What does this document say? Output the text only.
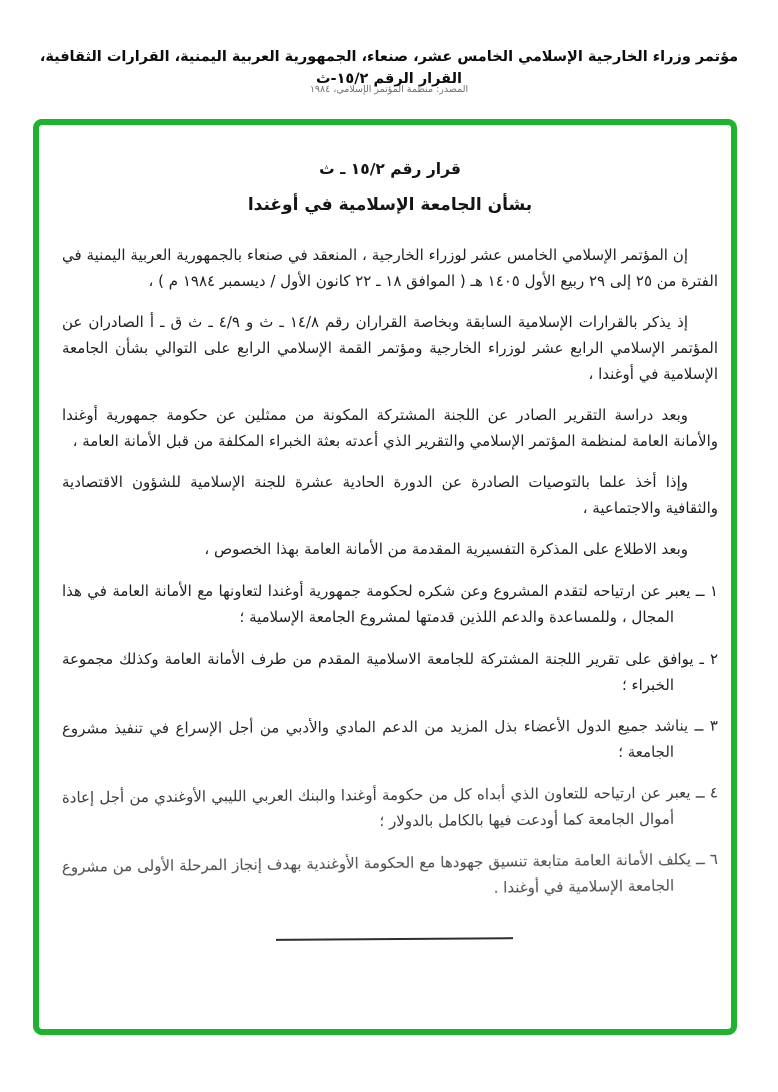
مؤتمر وزراء الخارجية الإسلامي الخامس عشر، صنعاء، الجمهورية العربية اليمنية، القرارات الثقافية، القرار الرقم ١٥/٢-ث
المصدر: منظمة المؤتمر الإسلامي، ١٩٨٤
قرار رقم ١٥/٢ ـ ث
بشأن الجامعة الإسلامية في أوغندا

إن المؤتمر الإسلامي الخامس عشر لوزراء الخارجية ، المنعقد في صنعاء بالجمهورية العربية اليمنية في الفترة من ٢٥ إلى ٢٩ ربيع الأول ١٤٠٥ هـ ( الموافق ١٨ ـ ٢٢ كانون الأول / ديسمبر ١٩٨٤ م ) ،

إذ يذكر بالقرارات الإسلامية السابقة وبخاصة القراران رقم ١٤/٨ ـ ث و ٤/٩ ـ ث ق ـ أ الصادران عن المؤتمر الإسلامي الرابع عشر لوزراء الخارجية ومؤتمر القمة الإسلامي الرابع على التوالي بشأن الجامعة الإسلامية في أوغندا ،

وبعد دراسة التقرير الصادر عن اللجنة المشتركة المكونة من ممثلين عن حكومة جمهورية أوغندا والأمانة العامة لمنظمة المؤتمر الإسلامي والتقرير الذي أعدته بعثة الخبراء المكلفة من قبل الأمانة العامة ،

وإذا أخذ علما بالتوصيات الصادرة عن الدورة الحادية عشرة للجنة الإسلامية للشؤون الاقتصادية والثقافية والاجتماعية ،

وبعد الاطلاع على المذكرة التفسيرية المقدمة من الأمانة العامة بهذا الخصوص ،

١ ــ يعبر عن ارتياحه لتقدم المشروع وعن شكره لحكومة جمهورية أوغندا لتعاونها مع الأمانة العامة في هذا المجال ، وللمساعدة والدعم اللذين قدمتها لمشروع الجامعة الإسلامية ؛

٢ ـ يوافق على تقرير اللجنة المشتركة للجامعة الاسلامية المقدم من طرف الأمانة العامة وكذلك مجموعة الخبراء ؛

٣ ــ يناشد جميع الدول الأعضاء بذل المزيد من الدعم المادي والأدبي من أجل الإسراع في تنفيذ مشروع الجامعة ؛

٤ ــ يعبر عن ارتياحه للتعاون الذي أبداه كل من حكومة أوغندا والبنك العربي الليبي الأوغندي من أجل إعادة أموال الجامعة كما أودعت فيها بالكامل بالدولار ؛

٦ ــ يكلف الأمانة العامة متابعة تنسيق جهودها مع الحكومة الأوغندية بهدف إنجاز المرحلة الأولى من مشروع الجامعة الإسلامية في أوغندا .
